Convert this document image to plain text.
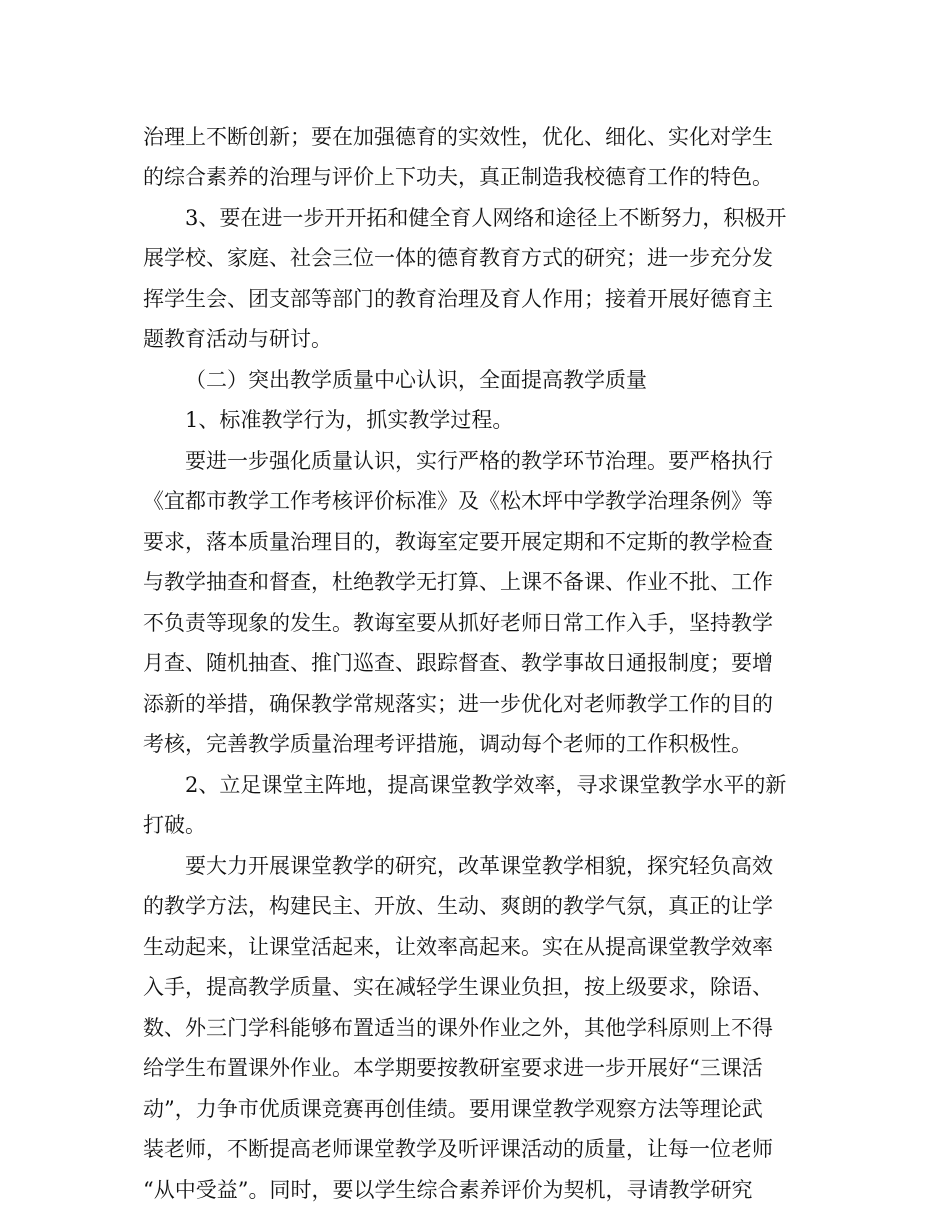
治理上不断创新；要在加强德育的实效性，优化、细化、实化对学生
的综合素养的治理与评价上下功夫，真正制造我校德育工作的特色。
3、要在进一步开开拓和健全育人网络和途径上不断努力，积极开
展学校、家庭、社会三位一体的德育教育方式的研究；进一步充分发
挥学生会、团支部等部门的教育治理及育人作用；接着开展好德育主
题教育活动与研讨。
（二）突出教学质量中心认识，全面提高教学质量
1、标准教学行为，抓实教学过程。
要进一步强化质量认识，实行严格的教学环节治理。要严格执行
《宜都市教学工作考核评价标准》及《松木坪中学教学治理条例》等
要求，落本质量治理目的，教诲室定要开展定期和不定斯的教学检查
与教学抽查和督查，杜绝教学无打算、上课不备课、作业不批、工作
不负责等现象的发生。教诲室要从抓好老师日常工作入手，坚持教学
月查、随机抽查、推门巡查、跟踪督查、教学事故日通报制度；要增
添新的举措，确保教学常规落实；进一步优化对老师教学工作的目的
考核，完善教学质量治理考评措施，调动每个老师的工作积极性。
2、立足课堂主阵地，提高课堂教学效率，寻求课堂教学水平的新
打破。
要大力开展课堂教学的研究，改革课堂教学相貌，探究轻负高效
的教学方法，构建民主、开放、生动、爽朗的教学气氛，真正的让学
生动起来，让课堂活起来，让效率高起来。实在从提高课堂教学效率
入手，提高教学质量、实在减轻学生课业负担，按上级要求，除语、
数、外三门学科能够布置适当的课外作业之外，其他学科原则上不得
给学生布置课外作业。本学期要按教研室要求进一步开展好“三课活
动”，力争市优质课竞赛再创佳绩。要用课堂教学观察方法等理论武
装老师，不断提高老师课堂教学及听评课活动的质量，让每一位老师
“从中受益”。同时，要以学生综合素养评价为契机，寻请教学研究
